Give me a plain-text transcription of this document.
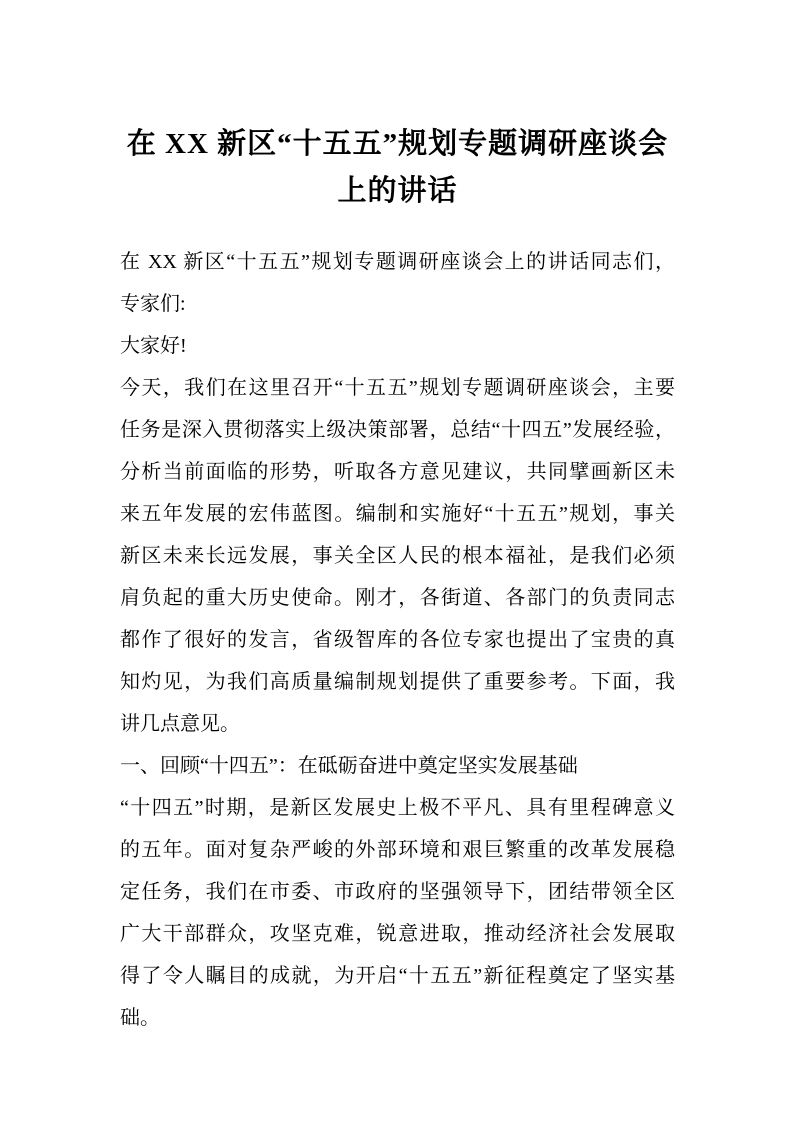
在 XX 新区“十五五”规划专题调研座谈会
上的讲话
在 XX 新区“十五五”规划专题调研座谈会上的讲话同志们，
专家们:
大家好!
今天，我们在这里召开“十五五”规划专题调研座谈会，主要
任务是深入贯彻落实上级决策部署，总结“十四五”发展经验，
分析当前面临的形势，听取各方意见建议，共同擘画新区未
来五年发展的宏伟蓝图。编制和实施好“十五五”规划，事关
新区未来长远发展，事关全区人民的根本福祉，是我们必须
肩负起的重大历史使命。刚才，各街道、各部门的负责同志
都作了很好的发言，省级智库的各位专家也提出了宝贵的真
知灼见，为我们高质量编制规划提供了重要参考。下面，我
讲几点意见。
一、回顾“十四五”：在砥砺奋进中奠定坚实发展基础
“十四五”时期，是新区发展史上极不平凡、具有里程碑意义
的五年。面对复杂严峻的外部环境和艰巨繁重的改革发展稳
定任务，我们在市委、市政府的坚强领导下，团结带领全区
广大干部群众，攻坚克难，锐意进取，推动经济社会发展取
得了令人瞩目的成就，为开启“十五五”新征程奠定了坚实基
础。
